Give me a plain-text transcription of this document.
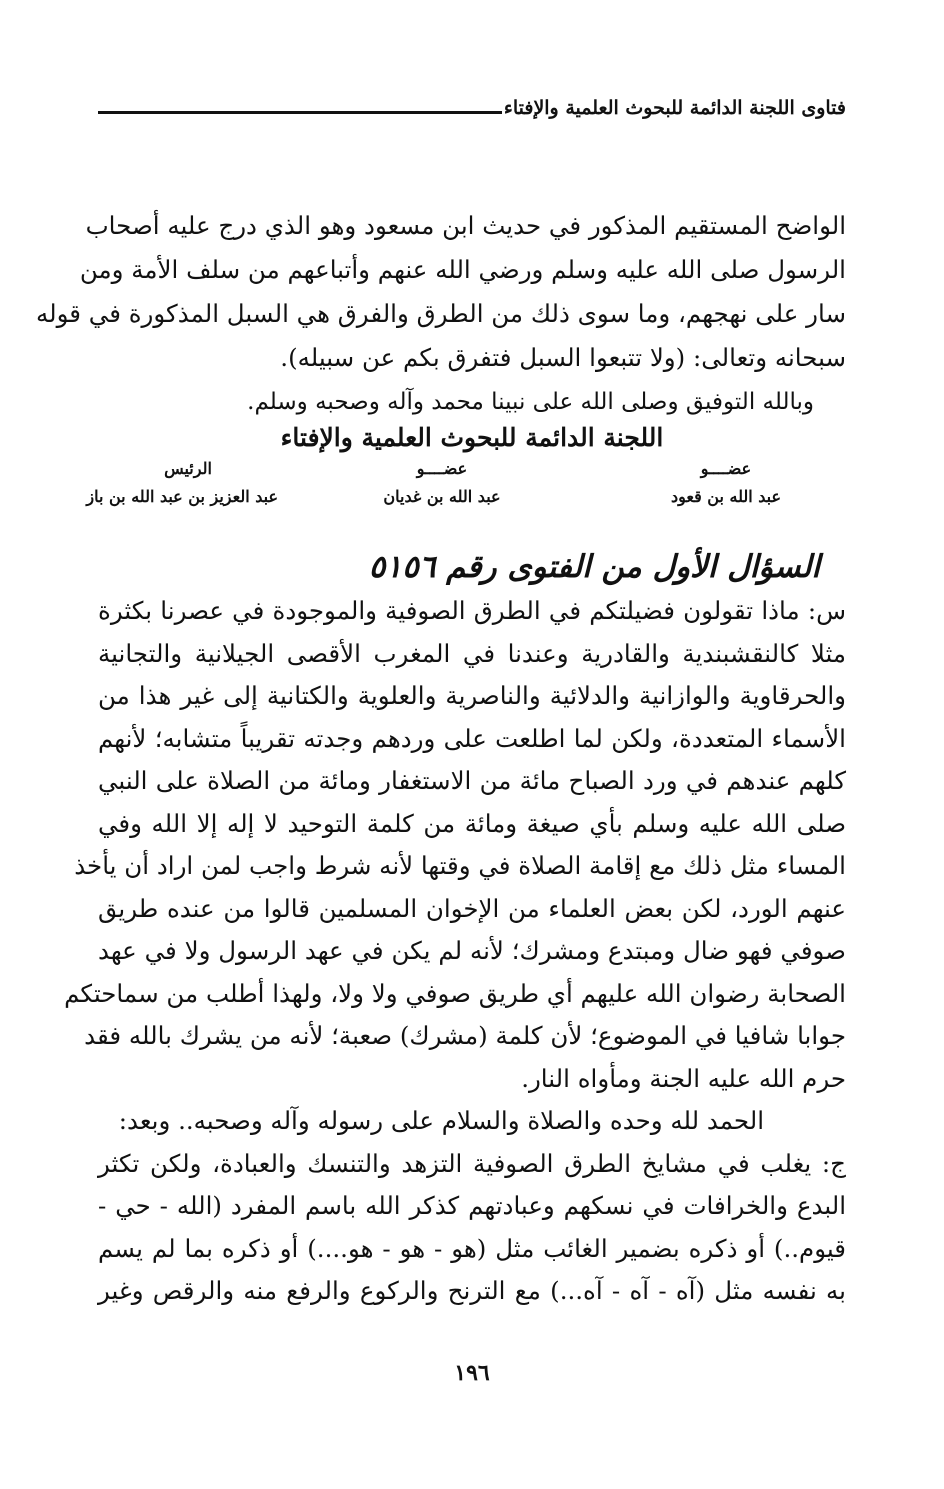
فتاوى اللجنة الدائمة للبحوث العلمية والإفتاء
الواضح المستقيم المذكور في حديث ابن مسعود وهو الذي درج عليه أصحاب
الرسول صلى الله عليه وسلم ورضي الله عنهم وأتباعهم من سلف الأمة ومن
سار على نهجهم، وما سوى ذلك من الطرق والفرق هي السبل المذكورة في قوله
سبحانه وتعالى: (ولا تتبعوا السبل فتفرق بكم عن سبيله).
وبالله التوفيق وصلى الله على نبينا محمد وآله وصحبه وسلم.
اللجنة الدائمة للبحوث العلمية والإفتاء
عضــــو
عضــــو
الرئيس
عبد الله بن قعود
عبد الله بن غديان
عبد العزيز بن عبد الله بن باز
السؤال الأول من الفتوى رقم ٥١٥٦
س: ماذا تقولون فضيلتكم في الطرق الصوفية والموجودة في عصرنا بكثرة
مثلا كالنقشبندية والقادرية وعندنا في المغرب الأقصى الجيلانية والتجانية
والحرقاوية والوازانية والدلائية والناصرية والعلوية والكتانية إلى غير هذا من
الأسماء المتعددة، ولكن لما اطلعت على وردهم وجدته تقريباً متشابه؛ لأنهم
كلهم عندهم في ورد الصباح مائة من الاستغفار ومائة من الصلاة على النبي
صلى الله عليه وسلم بأي صيغة ومائة من كلمة التوحيد لا إله إلا الله وفي
المساء مثل ذلك مع إقامة الصلاة في وقتها لأنه شرط واجب لمن اراد أن يأخذ
عنهم الورد، لكن بعض العلماء من الإخوان المسلمين قالوا من عنده طريق
صوفي فهو ضال ومبتدع ومشرك؛ لأنه لم يكن في عهد الرسول ولا في عهد
الصحابة رضوان الله عليهم أي طريق صوفي ولا ولا، ولهذا أطلب من سماحتكم
جوابا شافيا في الموضوع؛ لأن كلمة (مشرك) صعبة؛ لأنه من يشرك بالله فقد
حرم الله عليه الجنة ومأواه النار.
الحمد لله وحده والصلاة والسلام على رسوله وآله وصحبه.. وبعد:
ج: يغلب في مشايخ الطرق الصوفية التزهد والتنسك والعبادة، ولكن تكثر
البدع والخرافات في نسكهم وعبادتهم كذكر الله باسم المفرد (الله - حي -
قيوم..) أو ذكره بضمير الغائب مثل (هو - هو - هو....) أو ذكره بما لم يسم
به نفسه مثل (آه - آه - آه...) مع الترنح والركوع والرفع منه والرقص وغير
١٩٦
